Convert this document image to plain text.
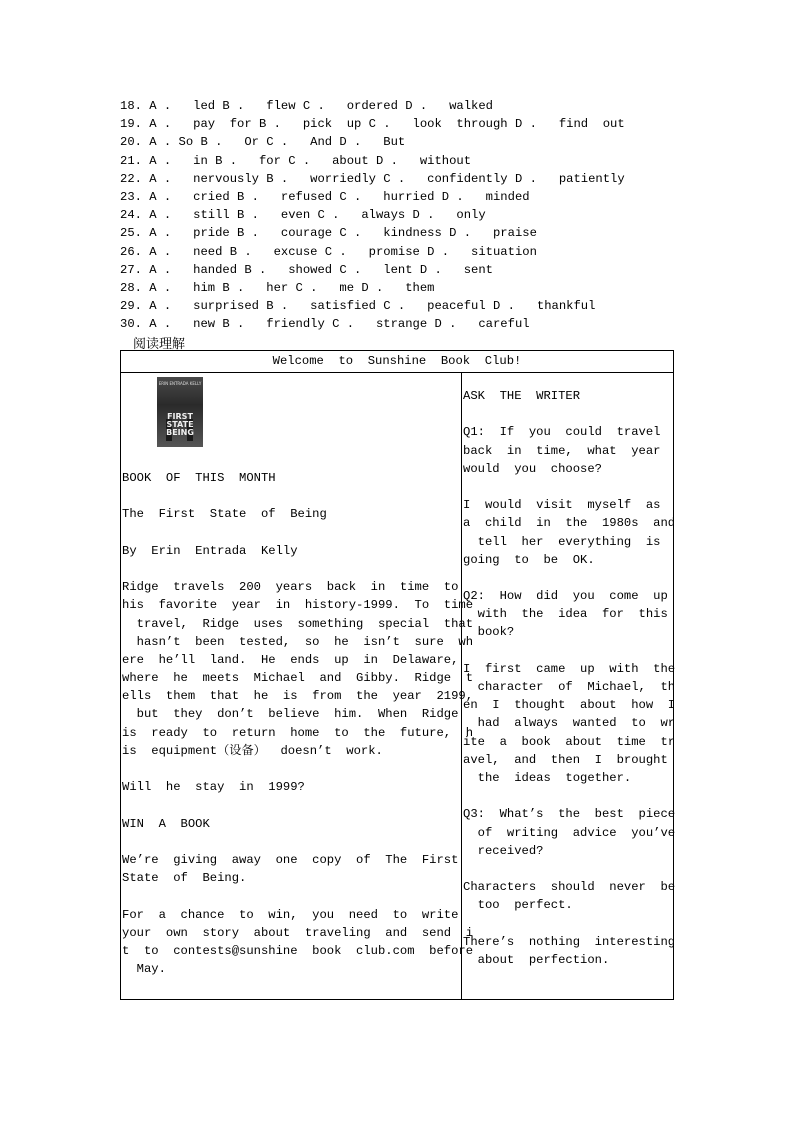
18. A .   led B .   flew C .   ordered D .   walked
19. A .   pay  for B .   pick  up C .   look  through D .   find  out
20. A . So B .   Or C .   And D .   But
21. A .   in B .   for C .   about D .   without
22. A .   nervously B .   worriedly C .   confidently D .   patiently
23. A .   cried B .   refused C .   hurried D .   minded
24. A .   still B .   even C .   always D .   only
25. A .   pride B .   courage C .   kindness D .   praise
26. A .   need B .   excuse C .   promise D .   situation
27. A .   handed B .   showed C .   lent D .   sent
28. A .   him B .   her C .   me D .   them
29. A .   surprised B .   satisfied C .   peaceful D .   thankful
30. A .   new B .   friendly C .   strange D .   careful
阅读理解
Welcome  to  Sunshine  Book  Club!
ERIN ENTRADA KELLY
FIRST
STATE
BEING
BOOK  OF  THIS  MONTH
The  First  State  of  Being
By  Erin  Entrada  Kelly
Ridge  travels  200  years  back  in  time  to
his  favorite  year  in  history-1999.  To  time
travel,  Ridge  uses  something  special  that
hasn’t  been  tested,  so  he  isn’t  sure  wh
ere  he’ll  land.  He  ends  up  in  Delaware,
where  he  meets  Michael  and  Gibby.  Ridge  t
ells  them  that  he  is  from  the  year  2199,
but  they  don’t  believe  him.  When  Ridge
is  ready  to  return  home  to  the  future,  h
is  equipment（设备）  doesn’t  work.
Will  he  stay  in  1999?
WIN  A  BOOK
We’re  giving  away  one  copy  of  The  First
State  of  Being.
For  a  chance  to  win,  you  need  to  write
your  own  story  about  traveling  and  send  i
t  to  contests@sunshine  book  club.com  before
May.
ASK  THE  WRITER
Q1:  If  you  could  travel
back  in  time,  what  year
would  you  choose?
I  would  visit  myself  as
a  child  in  the  1980s  and
tell  her  everything  is
going  to  be  OK.
Q2:  How  did  you  come  up
with  the  idea  for  this
book?
I  first  came  up  with  the
character  of  Michael,  th
en  I  thought  about  how  I
had  always  wanted  to  wr
ite  a  book  about  time  tr
avel,  and  then  I  brought
the  ideas  together.
Q3:  What’s  the  best  piece
of  writing  advice  you’ve
received?
Characters  should  never  be
too  perfect.
There’s  nothing  interesting
about  perfection.
